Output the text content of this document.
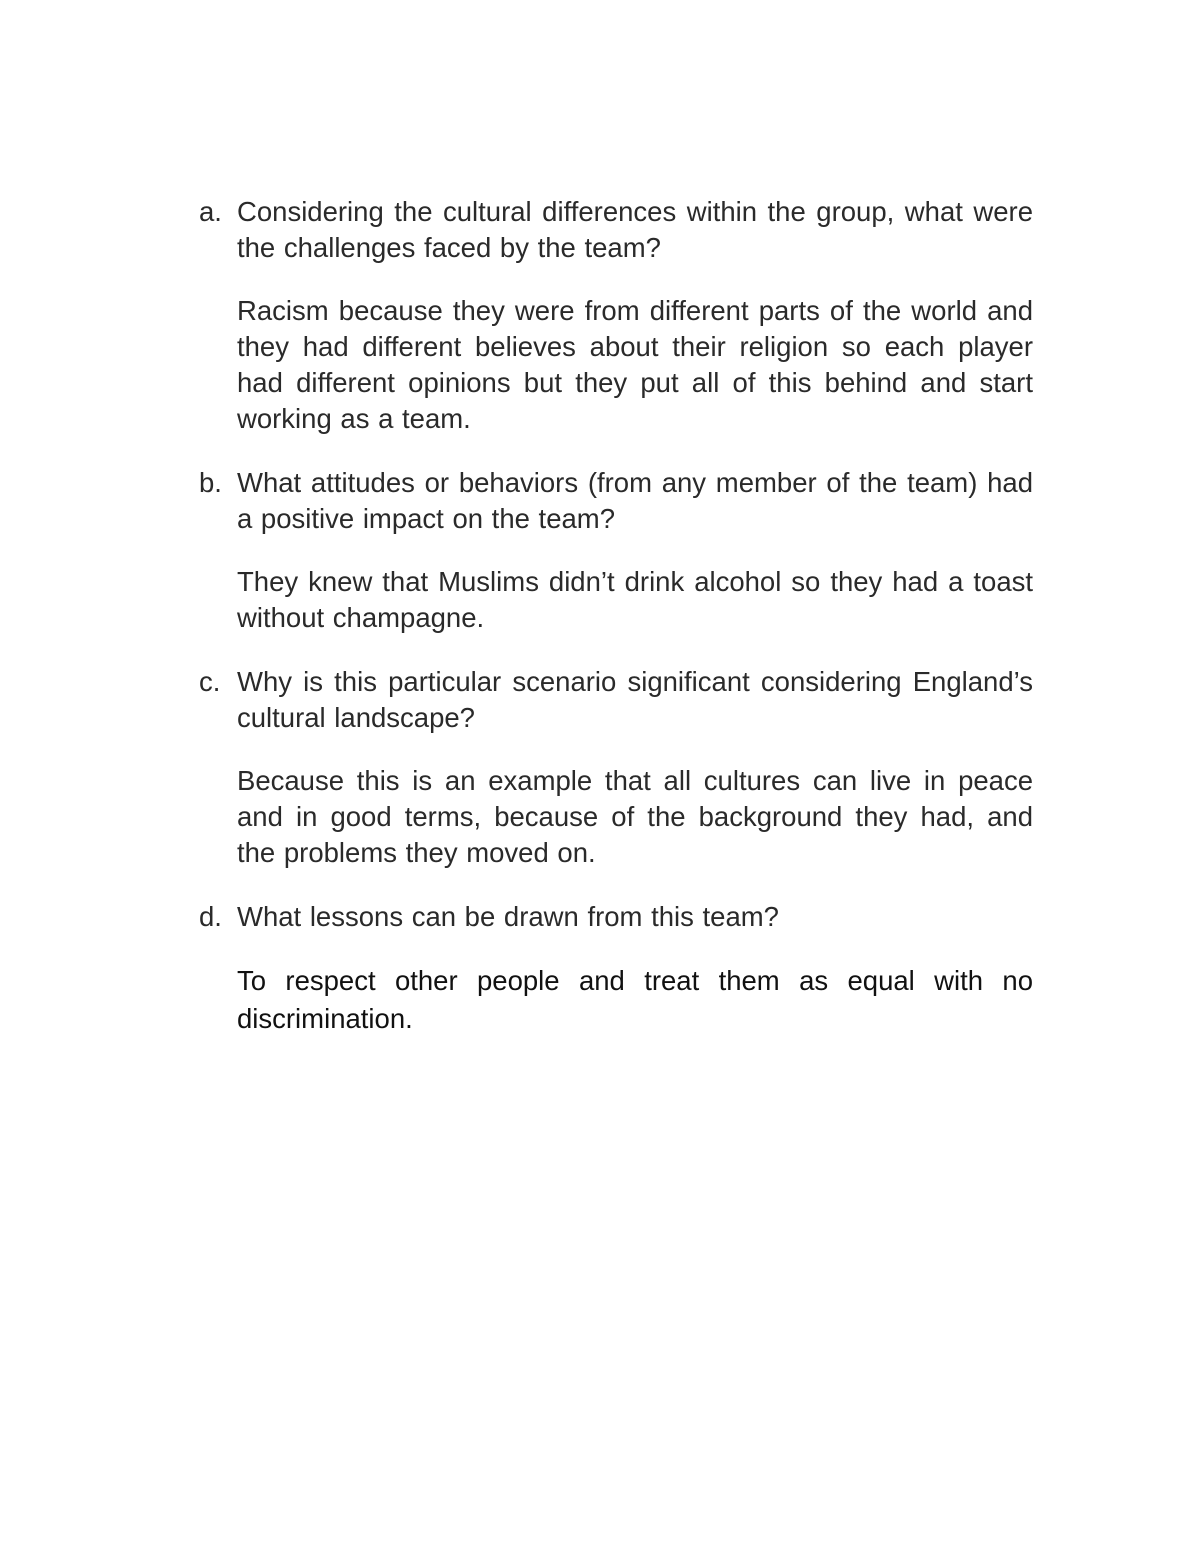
a. Considering the cultural differences within the group, what were the challenges faced by the team?

Racism because they were from different parts of the world and they had different believes about their religion so each player had different opinions but they put all of this behind and start working as a team.

b. What attitudes or behaviors (from any member of the team) had a positive impact on the team?

They knew that Muslims didn’t drink alcohol so they had a toast without champagne.

c. Why is this particular scenario significant considering England’s cultural landscape?

Because this is an example that all cultures can live in peace and in good terms, because of the background they had, and the problems they moved on.

d. What lessons can be drawn from this team?

To respect other people and treat them as equal with no discrimination.
